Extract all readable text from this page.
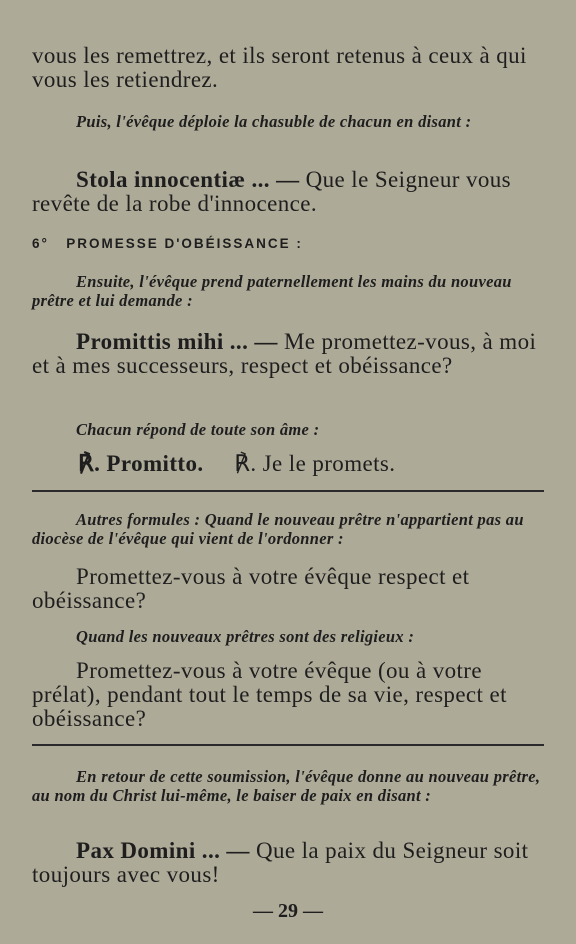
vous les remettrez, et ils seront retenus à ceux à qui vous les retiendrez.

Puis, l'évêque déploie la chasuble de chacun en disant :

Stola innocentiæ ... — Que le Seigneur vous revête de la robe d'innocence.

6° PROMESSE D'OBÉISSANCE :

Ensuite, l'évêque prend paternellement les mains du nouveau prêtre et lui demande :

Promittis mihi ... — Me promettez-vous, à moi et à mes successeurs, respect et obéissance?

Chacun répond de toute son âme :

℟. Promitto. ℟. Je le promets.

Autres formules : Quand le nouveau prêtre n'appartient pas au diocèse de l'évêque qui vient de l'ordonner :

Promettez-vous à votre évêque respect et obéissance?

Quand les nouveaux prêtres sont des religieux :

Promettez-vous à votre évêque (ou à votre prélat), pendant tout le temps de sa vie, respect et obéissance?

En retour de cette soumission, l'évêque donne au nouveau prêtre, au nom du Christ lui-même, le baiser de paix en disant :

Pax Domini ... — Que la paix du Seigneur soit toujours avec vous!

— 29 —
